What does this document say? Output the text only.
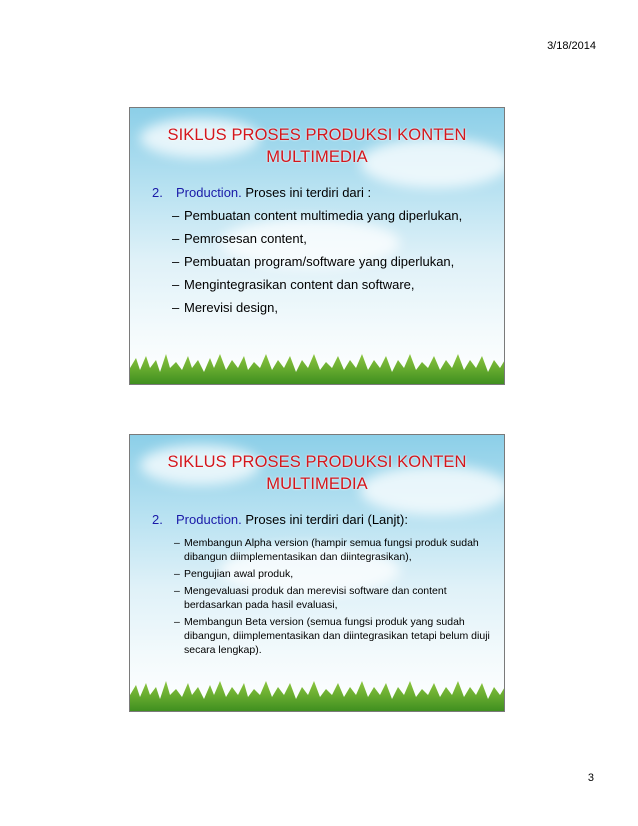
3/18/2014
SIKLUS PROSES PRODUKSI KONTEN
MULTIMEDIA
2. Production. Proses ini terdiri dari :
– Pembuatan content multimedia yang diperlukan,
– Pemrosesan content,
– Pembuatan program/software yang diperlukan,
– Mengintegrasikan content dan software,
– Merevisi design,
SIKLUS PROSES PRODUKSI KONTEN
MULTIMEDIA
2. Production. Proses ini terdiri dari (Lanjt):
– Membangun Alpha version (hampir semua fungsi produk sudah dibangun diimplementasikan dan diintegrasikan),
– Pengujian awal produk,
– Mengevaluasi produk dan merevisi software dan content berdasarkan pada hasil evaluasi,
– Membangun Beta version (semua fungsi produk yang sudah dibangun, diimplementasikan dan diintegrasikan tetapi belum diuji secara lengkap).
3
